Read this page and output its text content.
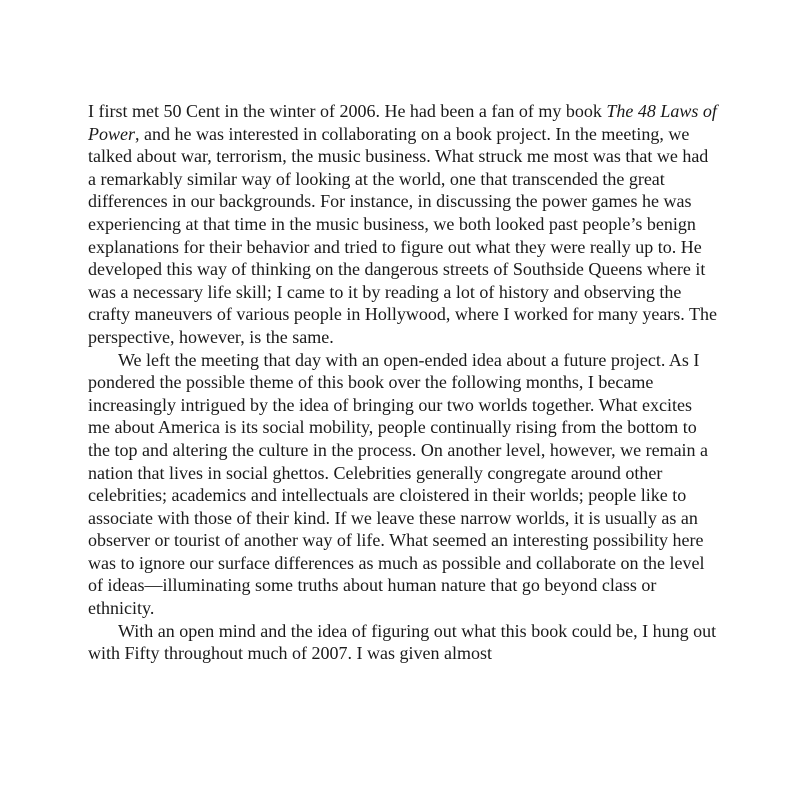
I first met 50 Cent in the winter of 2006. He had been a fan of my book The 48 Laws of Power, and he was interested in collaborating on a book project. In the meeting, we talked about war, terrorism, the music business. What struck me most was that we had a remarkably similar way of looking at the world, one that transcended the great differences in our backgrounds. For instance, in discussing the power games he was experiencing at that time in the music business, we both looked past people’s benign explanations for their behavior and tried to figure out what they were really up to. He developed this way of thinking on the dangerous streets of Southside Queens where it was a necessary life skill; I came to it by reading a lot of history and observing the crafty maneuvers of various people in Hollywood, where I worked for many years. The perspective, however, is the same.

We left the meeting that day with an open-ended idea about a future project. As I pondered the possible theme of this book over the following months, I became increasingly intrigued by the idea of bringing our two worlds together. What excites me about America is its social mobility, people continually rising from the bottom to the top and altering the culture in the process. On another level, however, we remain a nation that lives in social ghettos. Celebrities generally congregate around other celebrities; academics and intellectuals are cloistered in their worlds; people like to associate with those of their kind. If we leave these narrow worlds, it is usually as an observer or tourist of another way of life. What seemed an interesting possibility here was to ignore our surface differences as much as possible and collaborate on the level of ideas—illuminating some truths about human nature that go beyond class or ethnicity.

With an open mind and the idea of figuring out what this book could be, I hung out with Fifty throughout much of 2007. I was given almost
